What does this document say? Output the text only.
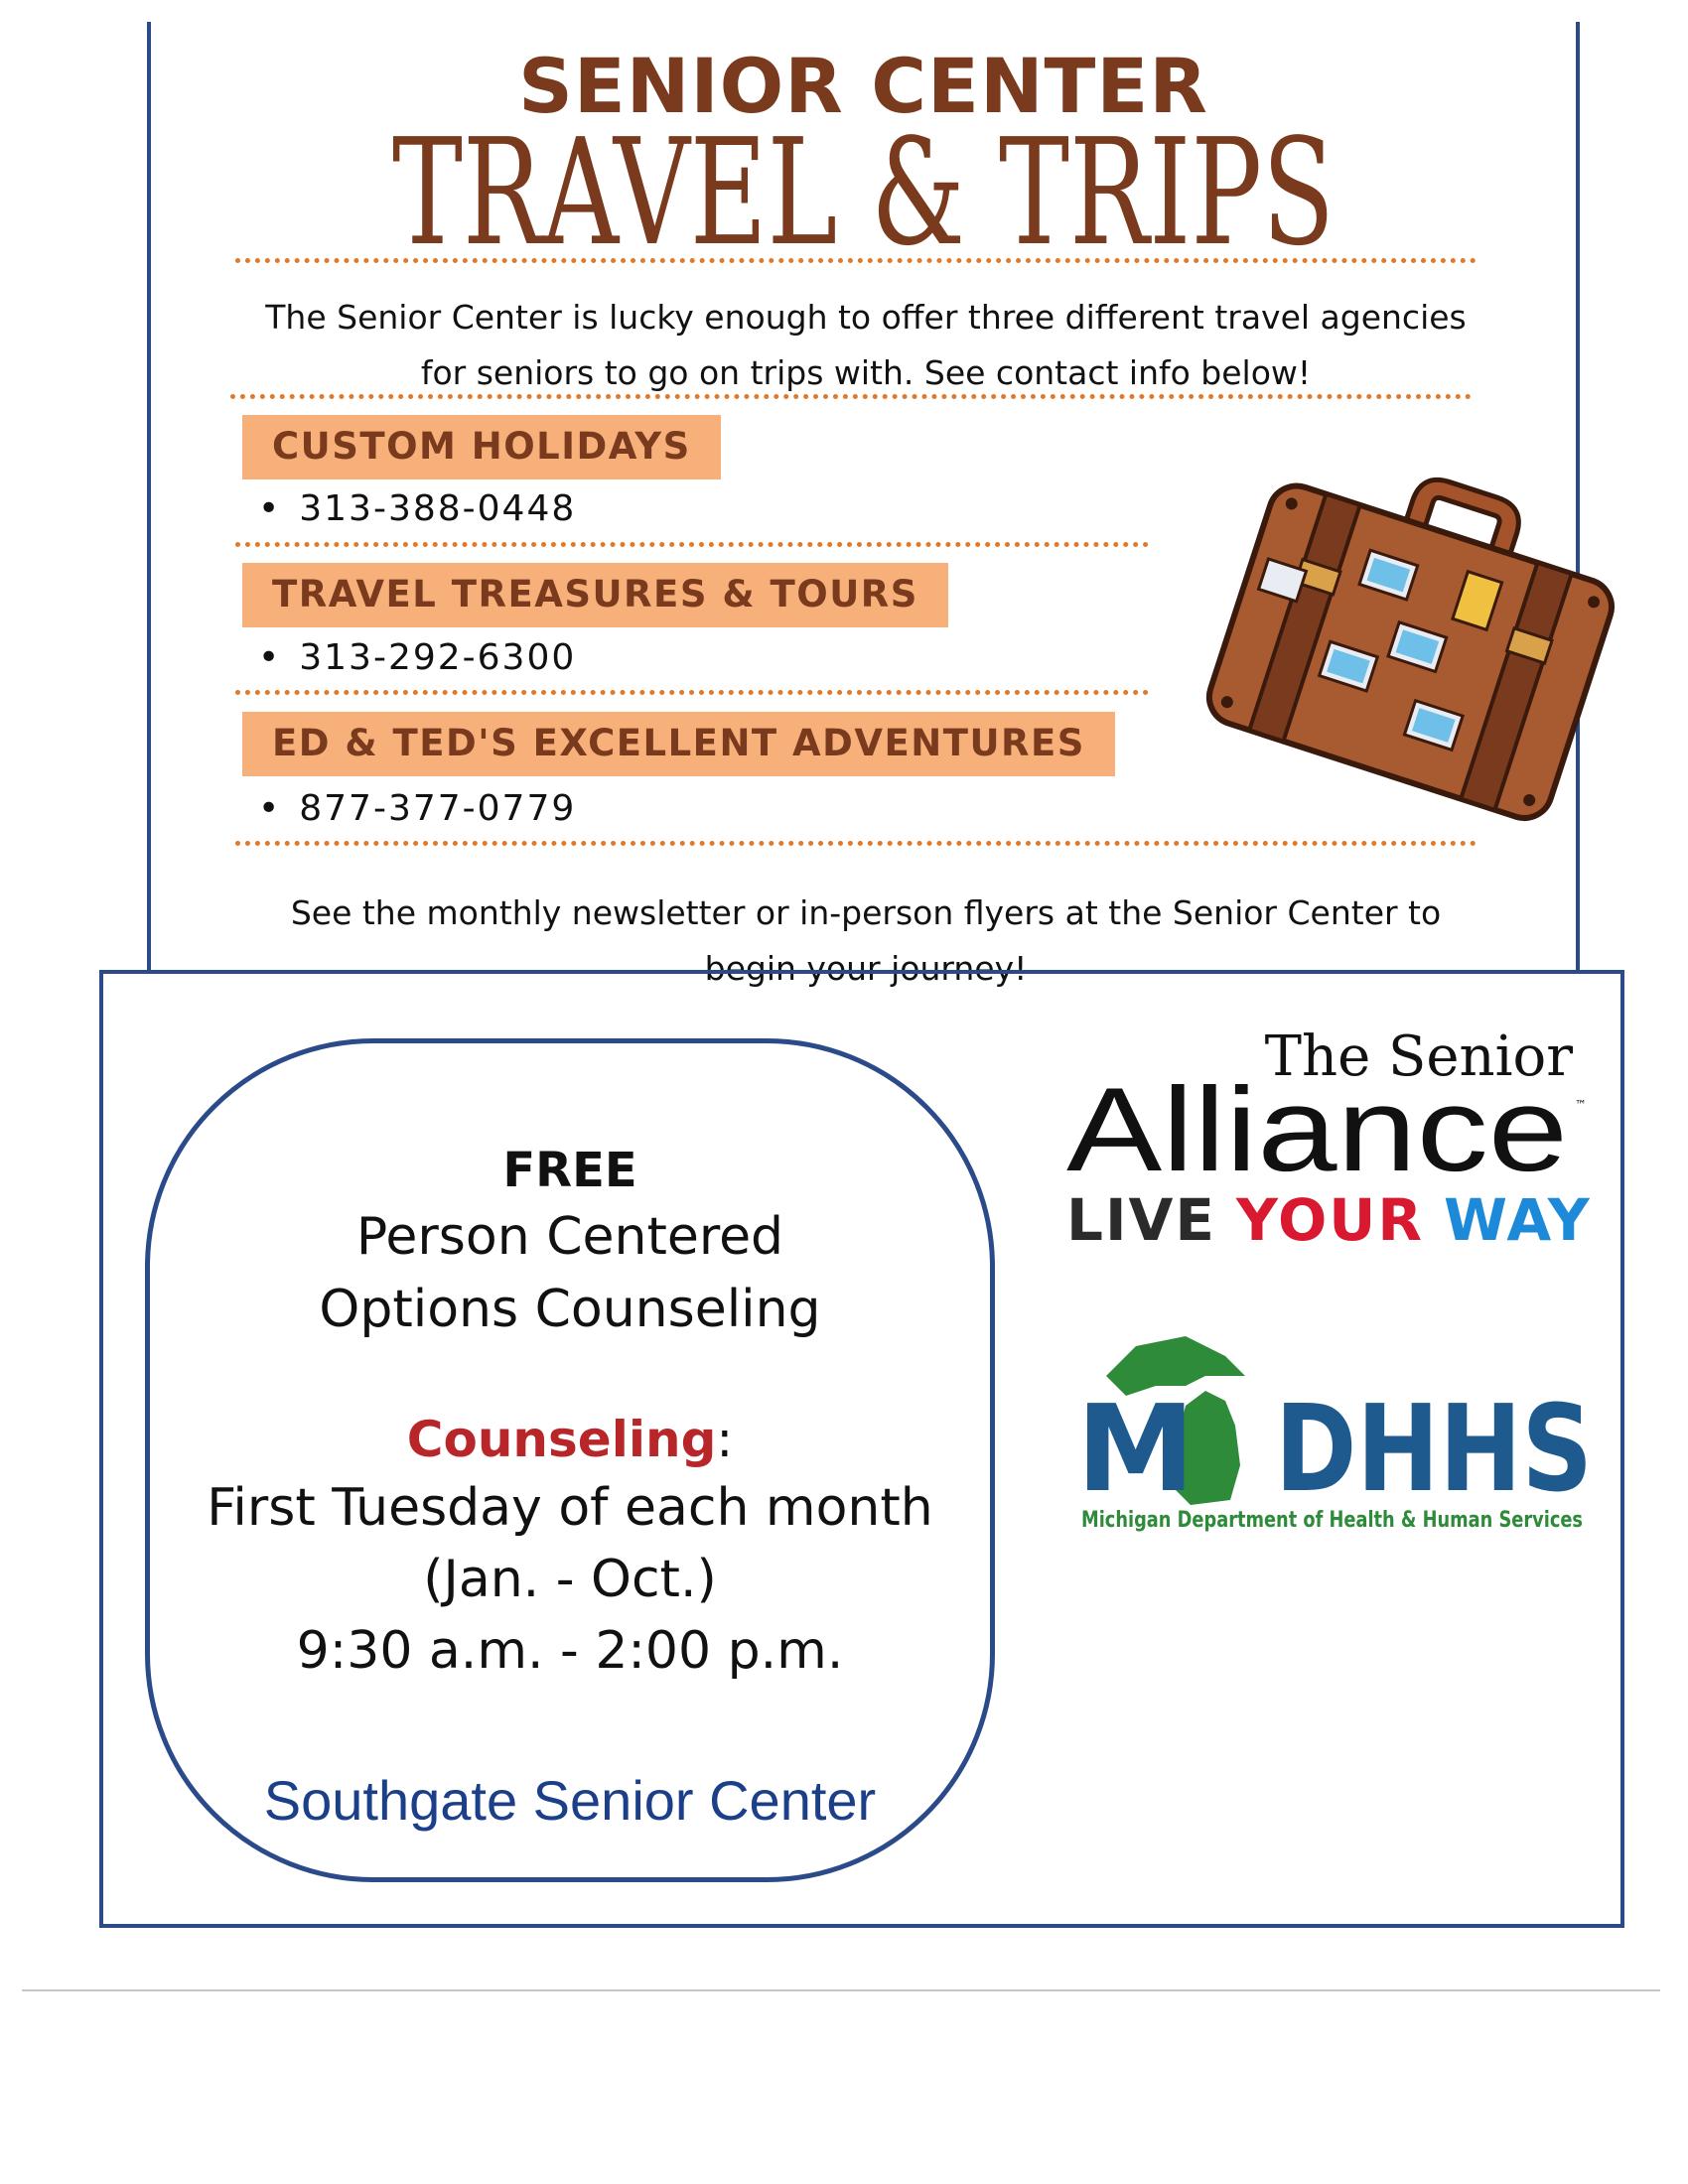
SENIOR CENTER
TRAVEL & TRIPS
The Senior Center is lucky enough to offer three different travel agencies
for seniors to go on trips with. See contact info below!
CUSTOM HOLIDAYS
• 313-388-0448
TRAVEL TREASURES & TOURS
• 313-292-6300
ED & TED'S EXCELLENT ADVENTURES
• 877-377-0779
See the monthly newsletter or in-person flyers at the Senior Center to
begin your journey!
FREE
Person Centered
Options Counseling
Counseling:
First Tuesday of each month
(Jan. - Oct.)
9:30 a.m. - 2:00 p.m.
Southgate Senior Center
The Senior
Alliance ™
LIVE YOUR WAY
M DHHS
Michigan Department of Health & Human Services
